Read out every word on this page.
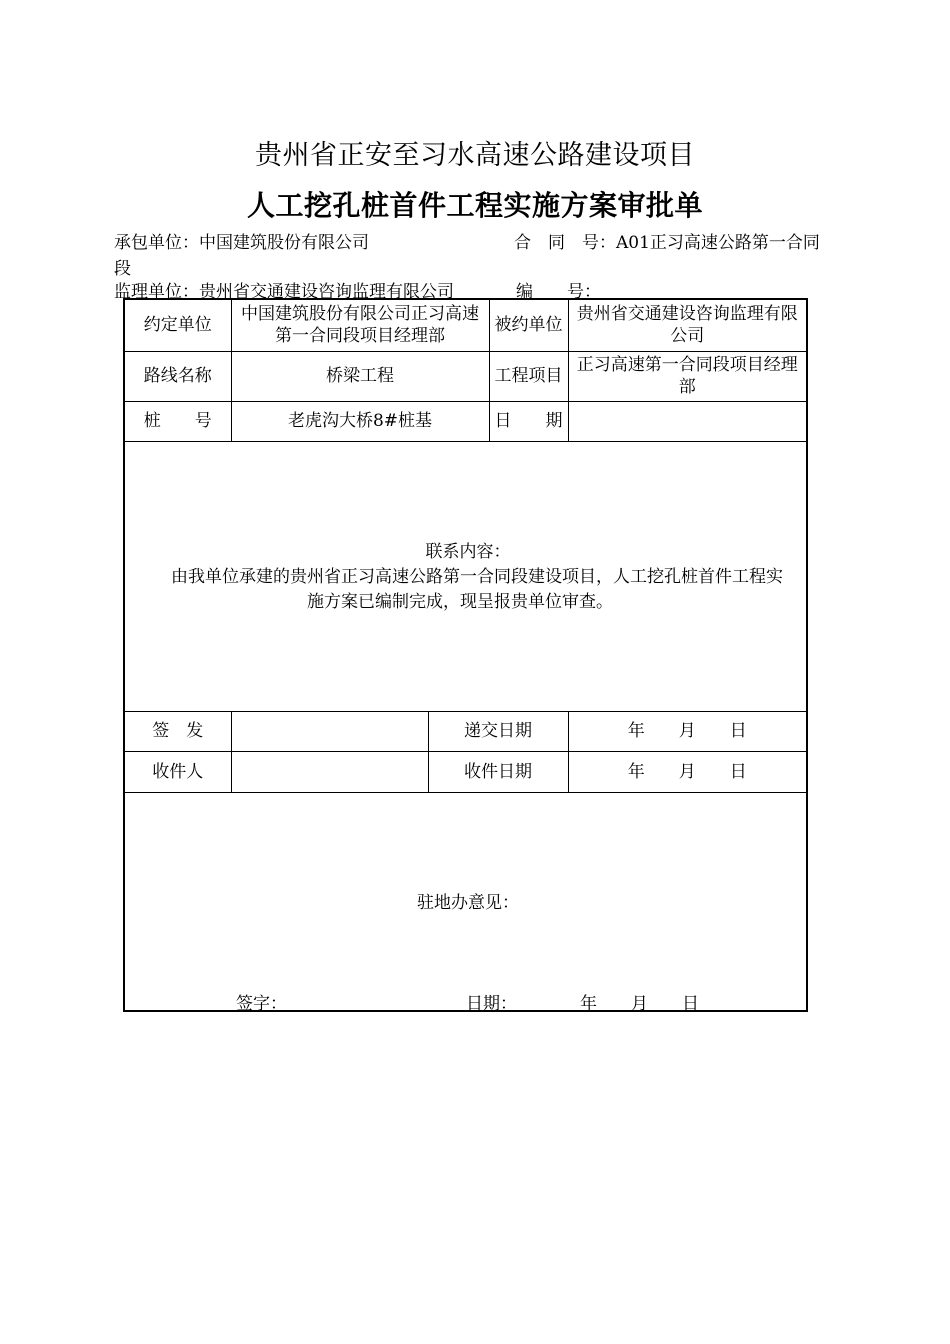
贵州省正安至习水高速公路建设项目
人工挖孔桩首件工程实施方案审批单
承包单位：中国建筑股份有限公司	合　同　号：A01正习高速公路第一合同
段
监理单位：贵州省交通建设咨询监理有限公司	编　　号：
约定单位	中国建筑股份有限公司正习高速第一合同段项目经理部		被约单位	贵州省交通建设咨询监理有限公司
路线名称	桥梁工程		工程项目	正习高速第一合同段项目经理部
桩　　号	老虎沟大桥8#桩基		日　　期	

联系内容：
由我单位承建的贵州省正习高速公路第一合同段建设项目，人工挖孔桩首件工程实施方案已编制完成，现呈报贵单位审查。				

签　发		递交日期		年　　月　　日
收件人		收件日期		年　　月　　日

驻地办意见：				
签字：	日期：	年　　月　　日
